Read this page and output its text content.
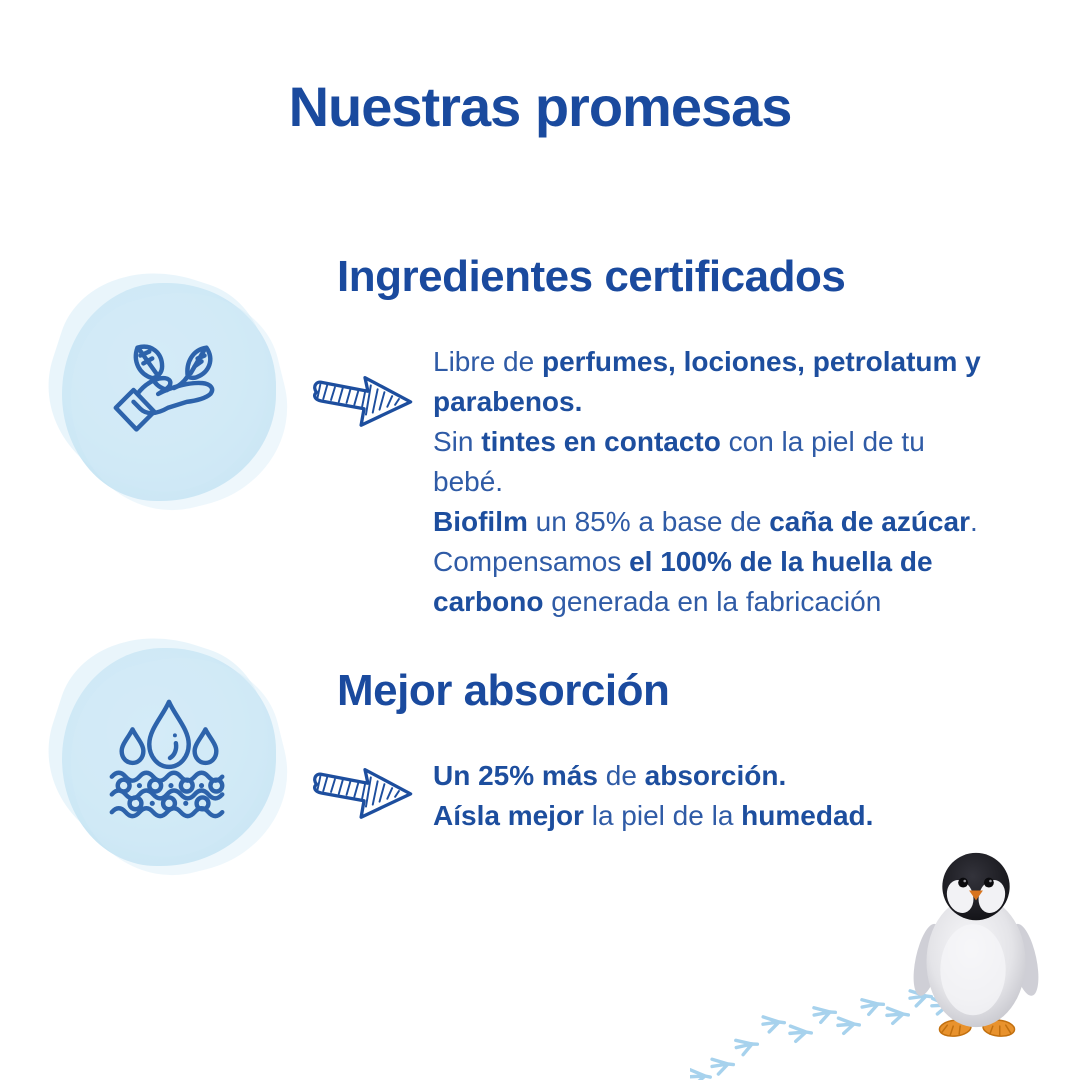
Nuestras promesas
Ingredientes certificados

Libre de perfumes, lociones, petrolatum y parabenos.

Sin tintes en contacto con la piel de tu bebé.

Biofilm un 85% a base de caña de azúcar.

Compensamos el 100% de la huella de carbono generada en la fabricación

Mejor absorción

Un 25% más de absorción.

Aísla mejor la piel de la humedad.
